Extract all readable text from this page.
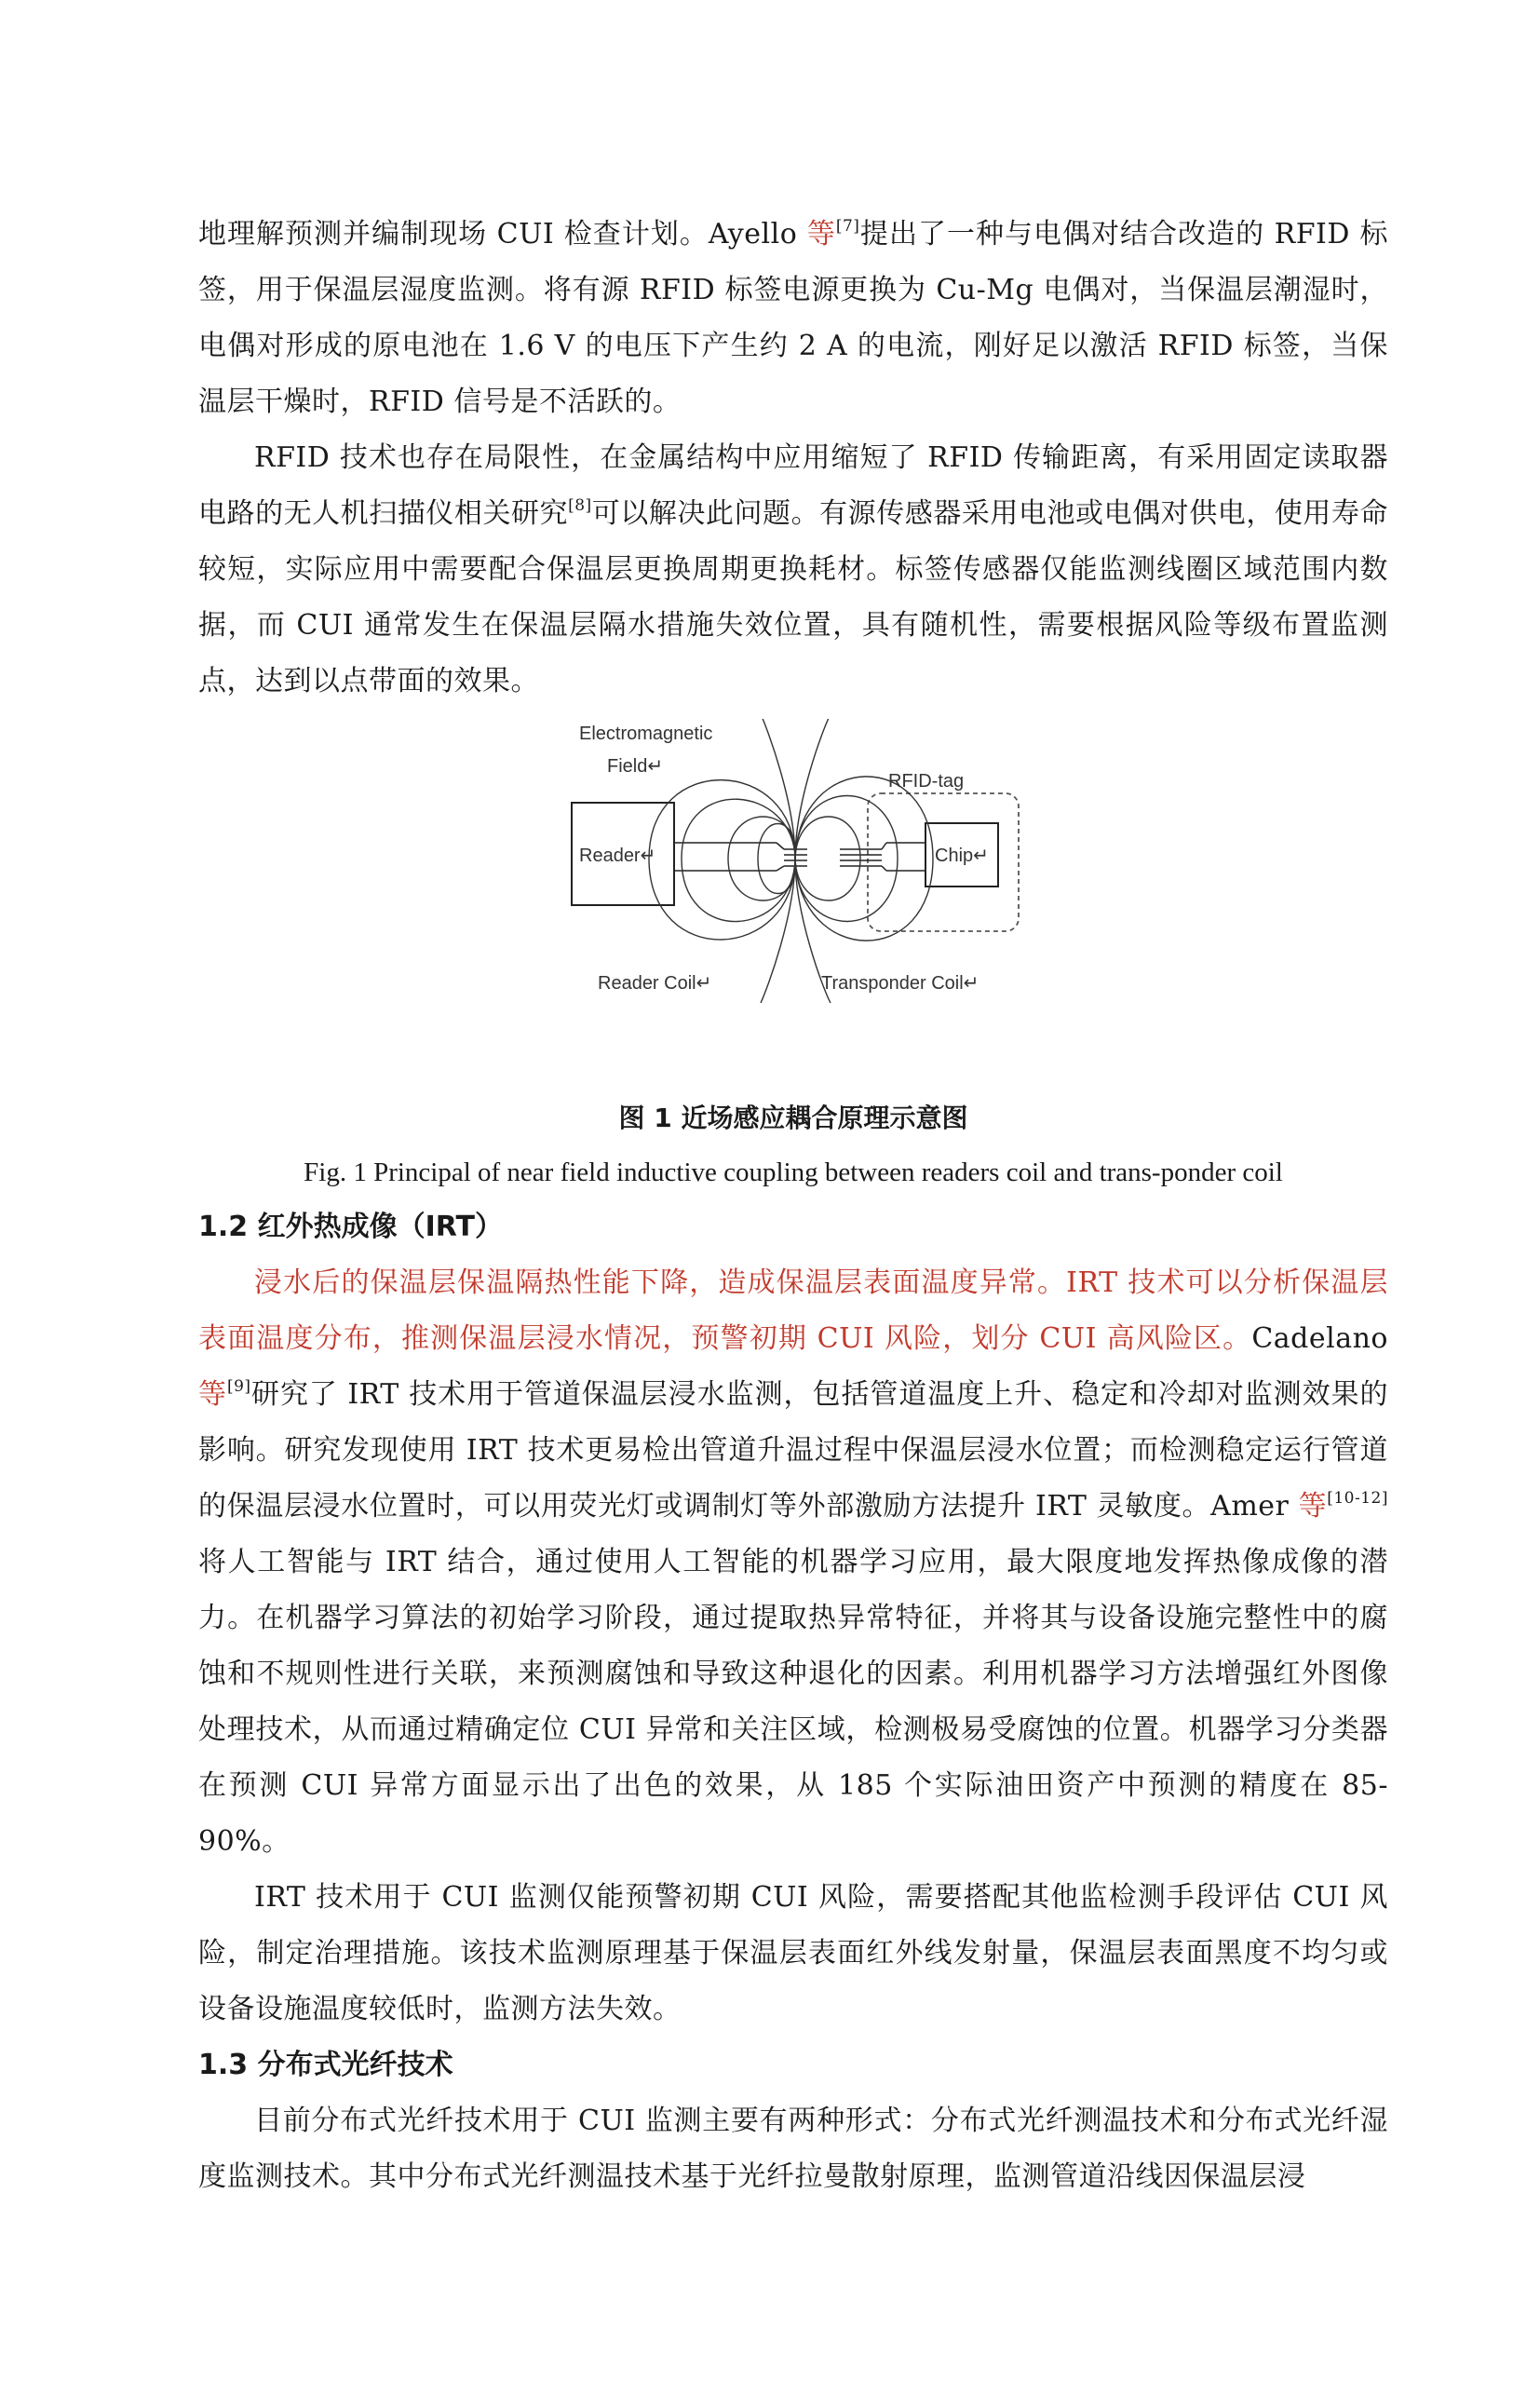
地理解预测并编制现场 CUI 检查计划。Ayello 等[7]提出了一种与电偶对结合改造的 RFID 标签，用于保温层湿度监测。将有源 RFID 标签电源更换为 Cu-Mg 电偶对，当保温层潮湿时，电偶对形成的原电池在 1.6 V 的电压下产生约 2 A 的电流，刚好足以激活 RFID 标签，当保温层干燥时，RFID 信号是不活跃的。

RFID 技术也存在局限性，在金属结构中应用缩短了 RFID 传输距离，有采用固定读取器电路的无人机扫描仪相关研究[8]可以解决此问题。有源传感器采用电池或电偶对供电，使用寿命较短，实际应用中需要配合保温层更换周期更换耗材。标签传感器仅能监测线圈区域范围内数据，而 CUI 通常发生在保温层隔水措施失效位置，具有随机性，需要根据风险等级布置监测点，达到以点带面的效果。

Electromagnetic
Field↵
Reader↵
RFID-tag
Chip↵
Reader Coil↵	Transponder Coil↵

图 1 近场感应耦合原理示意图

Fig. 1 Principal of near field inductive coupling between readers coil and trans-ponder coil

1.2 红外热成像（IRT）

浸水后的保温层保温隔热性能下降，造成保温层表面温度异常。IRT 技术可以分析保温层表面温度分布，推测保温层浸水情况，预警初期 CUI 风险，划分 CUI 高风险区。Cadelano 等[9]研究了 IRT 技术用于管道保温层浸水监测，包括管道温度上升、稳定和冷却对监测效果的影响。研究发现使用 IRT 技术更易检出管道升温过程中保温层浸水位置；而检测稳定运行管道的保温层浸水位置时，可以用荧光灯或调制灯等外部激励方法提升 IRT 灵敏度。Amer 等[10-12]将人工智能与 IRT 结合，通过使用人工智能的机器学习应用，最大限度地发挥热像成像的潜力。在机器学习算法的初始学习阶段，通过提取热异常特征，并将其与设备设施完整性中的腐蚀和不规则性进行关联，来预测腐蚀和导致这种退化的因素。利用机器学习方法增强红外图像处理技术，从而通过精确定位 CUI 异常和关注区域，检测极易受腐蚀的位置。机器学习分类器在预测 CUI 异常方面显示出了出色的效果，从 185 个实际油田资产中预测的精度在 85-90%。

IRT 技术用于 CUI 监测仅能预警初期 CUI 风险，需要搭配其他监检测手段评估 CUI 风险，制定治理措施。该技术监测原理基于保温层表面红外线发射量，保温层表面黑度不均匀或设备设施温度较低时，监测方法失效。

1.3 分布式光纤技术

目前分布式光纤技术用于 CUI 监测主要有两种形式：分布式光纤测温技术和分布式光纤湿度监测技术。其中分布式光纤测温技术基于光纤拉曼散射原理，监测管道沿线因保温层浸
